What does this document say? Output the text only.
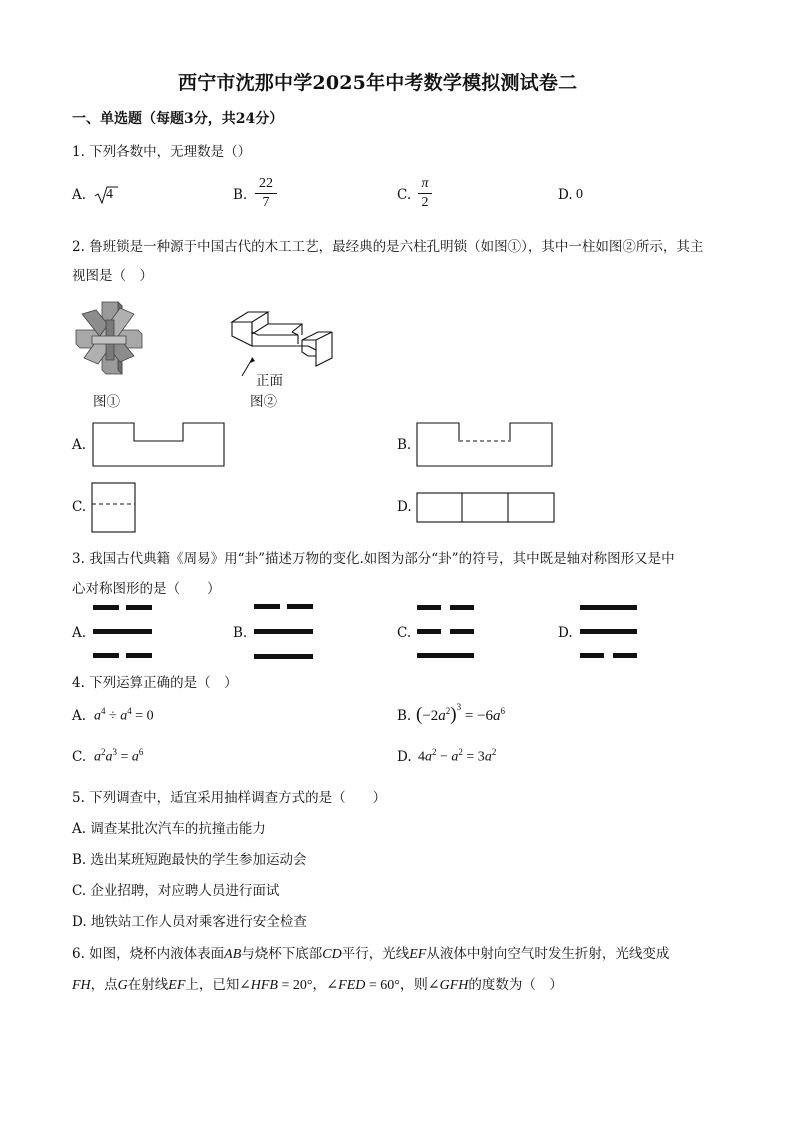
西宁市沈那中学2025年中考数学模拟测试卷二
一、单选题（每题3分，共24分）
1. 下列各数中，无理数是（）
A.	4	B.
22
7	C.
π
2	D. 0
2. 鲁班锁是一种源于中国古代的木工工艺，最经典的是六柱孔明锁（如图①），其中一柱如图②所示，其主
视图是（　）
图①
正面
图②
A.	B.
C.	D.
3. 我国古代典籍《周易》用“卦”描述万物的变化.如图为部分“卦”的符号，其中既是轴对称图形又是中
心对称图形的是（　　）
A.	B.	C.	D.
4. 下列运算正确的是（　）
A. $a^4 \div a^4 = 0$	B. $(-2a^2)^3 = -6a^6$
C. $a^2a^3 = a^6$	D. $4a^2 - a^2 = 3a^2$
5. 下列调查中，适宜采用抽样调查方式的是（　　）
A. 调查某批次汽车的抗撞击能力
B. 选出某班短跑最快的学生参加运动会
C. 企业招聘，对应聘人员进行面试
D. 地铁站工作人员对乘客进行安全检查
6. 如图，烧杯内液体表面AB与烧杯下底部CD平行，光线EF从液体中射向空气时发生折射，光线变成
FH，点G在射线EF上，已知∠HFB = 20°，∠FED = 60°，则∠GFH的度数为（　）
